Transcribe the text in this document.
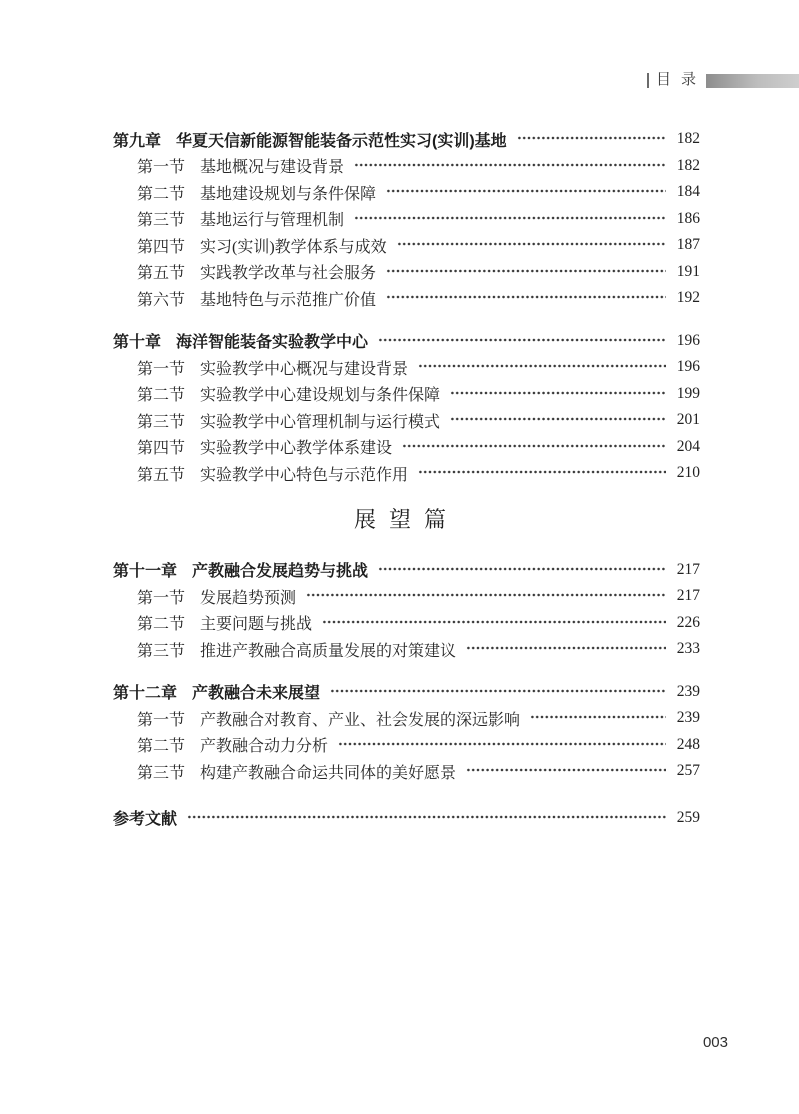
目录
第九章 华夏天信新能源智能装备示范性实习(实训)基地	182
第一节 基地概况与建设背景	182
第二节 基地建设规划与条件保障	184
第三节 基地运行与管理机制	186
第四节 实习(实训)教学体系与成效	187
第五节 实践教学改革与社会服务	191
第六节 基地特色与示范推广价值	192
第十章 海洋智能装备实验教学中心	196
第一节 实验教学中心概况与建设背景	196
第二节 实验教学中心建设规划与条件保障	199
第三节 实验教学中心管理机制与运行模式	201
第四节 实验教学中心教学体系建设	204
第五节 实验教学中心特色与示范作用	210
展望篇
第十一章 产教融合发展趋势与挑战	217
第一节 发展趋势预测	217
第二节 主要问题与挑战	226
第三节 推进产教融合高质量发展的对策建议	233
第十二章 产教融合未来展望	239
第一节 产教融合对教育、产业、社会发展的深远影响	239
第二节 产教融合动力分析	248
第三节 构建产教融合命运共同体的美好愿景	257
参考文献	259
003
